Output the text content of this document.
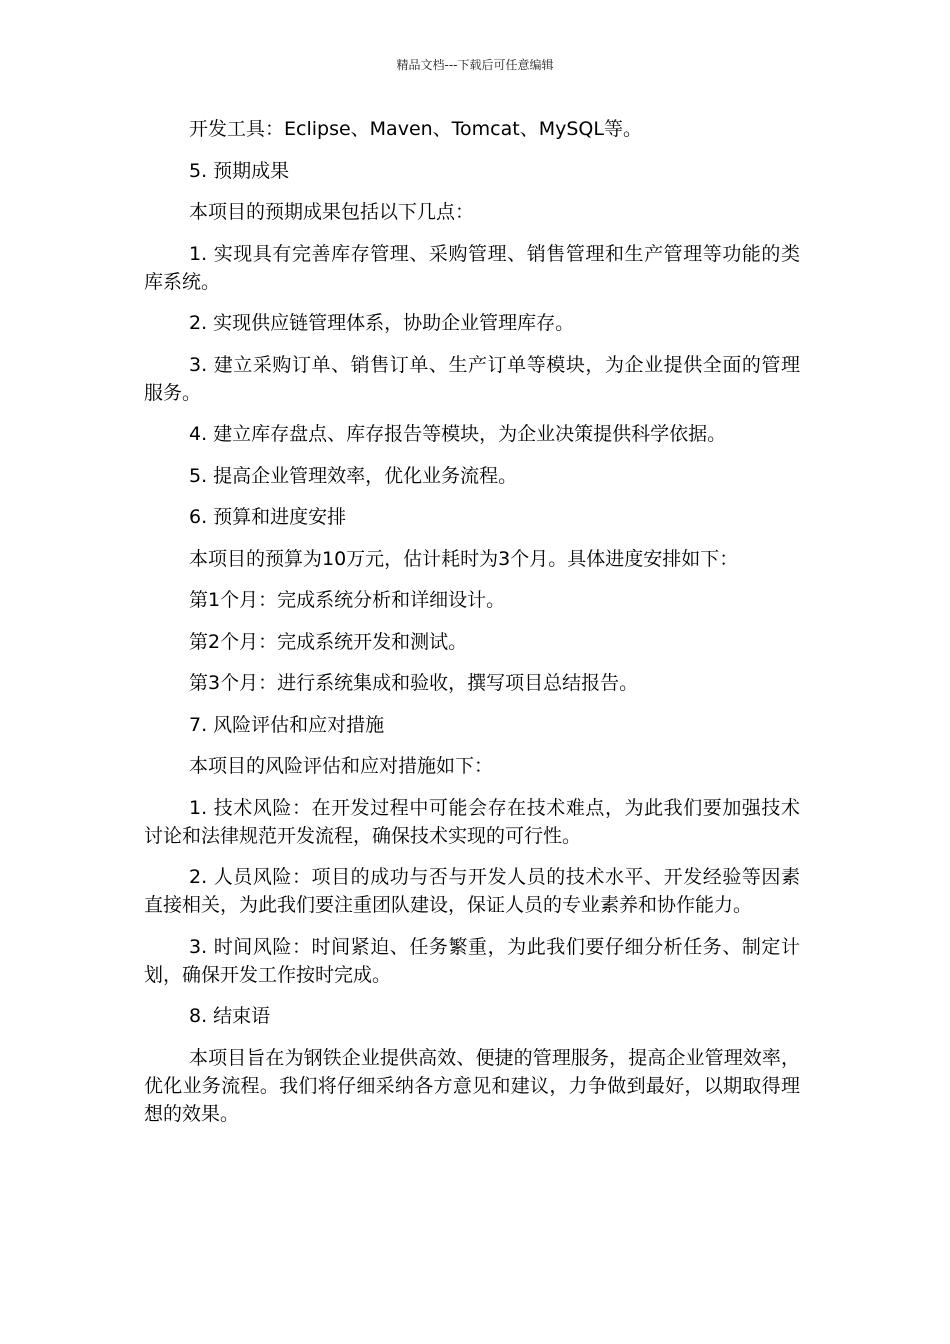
精品文档---下载后可任意编辑

开发工具：Eclipse、Maven、Tomcat、MySQL等。

5. 预期成果

本项目的预期成果包括以下几点：

1. 实现具有完善库存管理、采购管理、销售管理和生产管理等功能的类库系统。

2. 实现供应链管理体系，协助企业管理库存。

3. 建立采购订单、销售订单、生产订单等模块，为企业提供全面的管理服务。

4. 建立库存盘点、库存报告等模块，为企业决策提供科学依据。

5. 提高企业管理效率，优化业务流程。

6. 预算和进度安排

本项目的预算为10万元，估计耗时为3个月。具体进度安排如下：

第1个月：完成系统分析和详细设计。

第2个月：完成系统开发和测试。

第3个月：进行系统集成和验收，撰写项目总结报告。

7. 风险评估和应对措施

本项目的风险评估和应对措施如下：

1. 技术风险：在开发过程中可能会存在技术难点，为此我们要加强技术讨论和法律规范开发流程，确保技术实现的可行性。

2. 人员风险：项目的成功与否与开发人员的技术水平、开发经验等因素直接相关，为此我们要注重团队建设，保证人员的专业素养和协作能力。

3. 时间风险：时间紧迫、任务繁重，为此我们要仔细分析任务、制定计划，确保开发工作按时完成。

8. 结束语

本项目旨在为钢铁企业提供高效、便捷的管理服务，提高企业管理效率，优化业务流程。我们将仔细采纳各方意见和建议，力争做到最好，以期取得理想的效果。
